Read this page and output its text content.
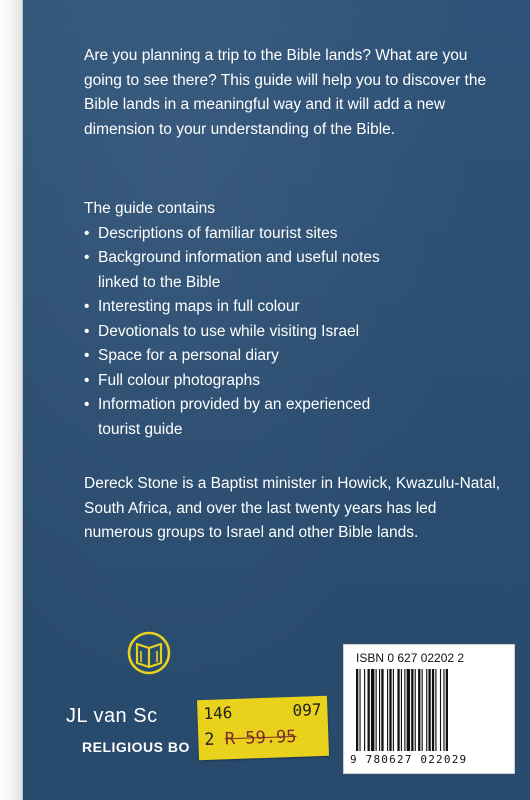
Are you planning a trip to the Bible lands? What are you going to see there? This guide will help you to discover the Bible lands in a meaningful way and it will add a new dimension to your understanding of the Bible.
The guide contains
• Descriptions of familiar tourist sites
• Background information and useful notes
linked to the Bible
• Interesting maps in full colour
• Devotionals to use while visiting Israel
• Space for a personal diary
• Full colour photographs
• Information provided by an experienced
tourist guide
Dereck Stone is a Baptist minister in Howick, Kwazulu-Natal, South Africa, and over the last twenty years has led numerous groups to Israel and other Bible lands.
JL van Sc
RELIGIOUS BO
146	097
2 R 59.95
ISBN 0 627 02202 2
9 780627 022029
